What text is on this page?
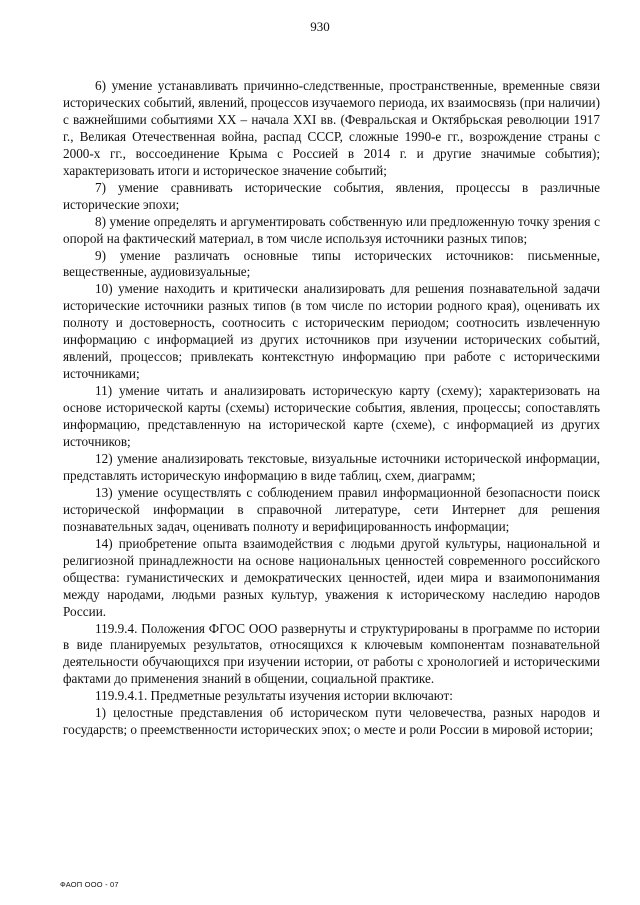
930

6) умение устанавливать причинно-следственные, пространственные, временные связи исторических событий, явлений, процессов изучаемого периода, их взаимосвязь (при наличии) с важнейшими событиями XX – начала XXI вв. (Февральская и Октябрьская революции 1917 г., Великая Отечественная война, распад СССР, сложные 1990-е гг., возрождение страны с 2000-х гг., воссоединение Крыма с Россией в 2014 г. и другие значимые события); характеризовать итоги и историческое значение событий;

7) умение сравнивать исторические события, явления, процессы в различные исторические эпохи;

8) умение определять и аргументировать собственную или предложенную точку зрения с опорой на фактический материал, в том числе используя источники разных типов;

9) умение различать основные типы исторических источников: письменные, вещественные, аудиовизуальные;

10) умение находить и критически анализировать для решения познавательной задачи исторические источники разных типов (в том числе по истории родного края), оценивать их полноту и достоверность, соотносить с историческим периодом; соотносить извлеченную информацию с информацией из других источников при изучении исторических событий, явлений, процессов; привлекать контекстную информацию при работе с историческими источниками;

11) умение читать и анализировать историческую карту (схему); характеризовать на основе исторической карты (схемы) исторические события, явления, процессы; сопоставлять информацию, представленную на исторической карте (схеме), с информацией из других источников;

12) умение анализировать текстовые, визуальные источники исторической информации, представлять историческую информацию в виде таблиц, схем, диаграмм;

13) умение осуществлять с соблюдением правил информационной безопасности поиск исторической информации в справочной литературе, сети Интернет для решения познавательных задач, оценивать полноту и верифицированность информации;

14) приобретение опыта взаимодействия с людьми другой культуры, национальной и религиозной принадлежности на основе национальных ценностей современного российского общества: гуманистических и демократических ценностей, идеи мира и взаимопонимания между народами, людьми разных культур, уважения к историческому наследию народов России.

119.9.4. Положения ФГОС ООО развернуты и структурированы в программе по истории в виде планируемых результатов, относящихся к ключевым компонентам познавательной деятельности обучающихся при изучении истории, от работы с хронологией и историческими фактами до применения знаний в общении, социальной практике.

119.9.4.1. Предметные результаты изучения истории включают:

1) целостные представления об историческом пути человечества, разных народов и государств; о преемственности исторических эпох; о месте и роли России в мировой истории;

ФАОП ООО - 07
